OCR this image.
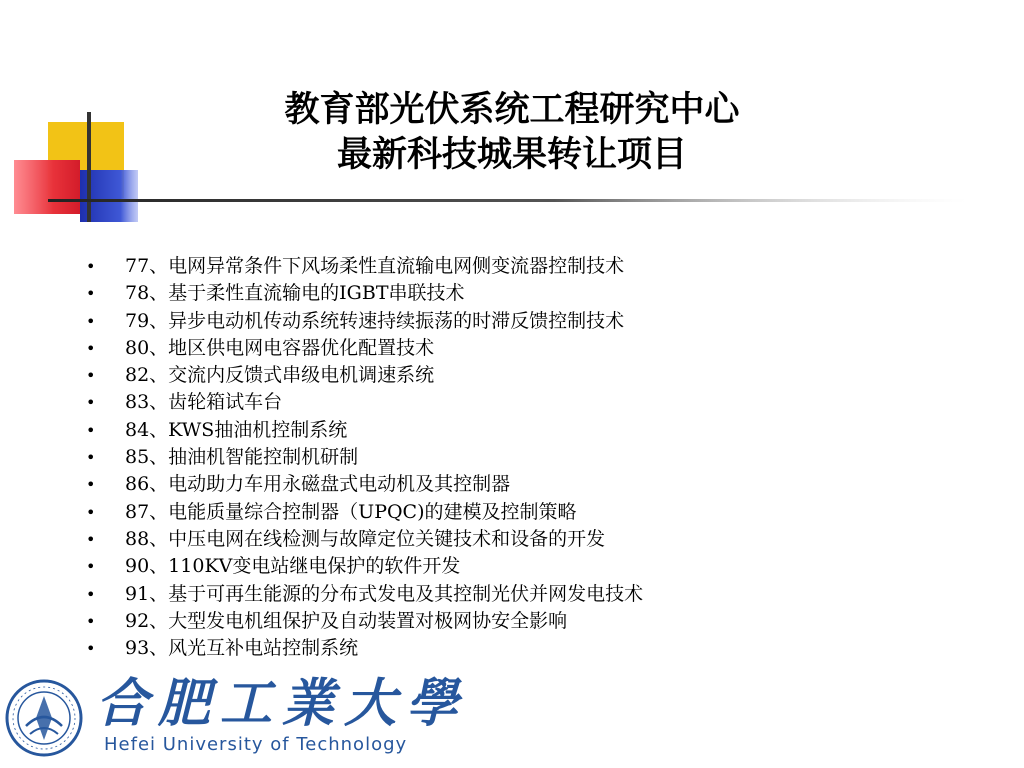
教育部光伏系统工程研究中心
最新科技城果转让项目
•	77、电网异常条件下风场柔性直流输电网侧变流器控制技术
•	78、基于柔性直流输电的IGBT串联技术
•	79、异步电动机传动系统转速持续振荡的时滞反馈控制技术
•	80、地区供电网电容器优化配置技术
•	82、交流内反馈式串级电机调速系统
•	83、齿轮箱试车台
•	84、KWS抽油机控制系统
•	85、抽油机智能控制机研制
•	86、电动助力车用永磁盘式电动机及其控制器
•	87、电能质量综合控制器（UPQC)的建模及控制策略
•	88、中压电网在线检测与故障定位关键技术和设备的开发
•	90、110KV变电站继电保护的软件开发
•	91、基于可再生能源的分布式发电及其控制光伏并网发电技术
•	92、大型发电机组保护及自动装置对极网协安全影响
•	93、风光互补电站控制系统
合肥工業大學
Hefei University of Technology
